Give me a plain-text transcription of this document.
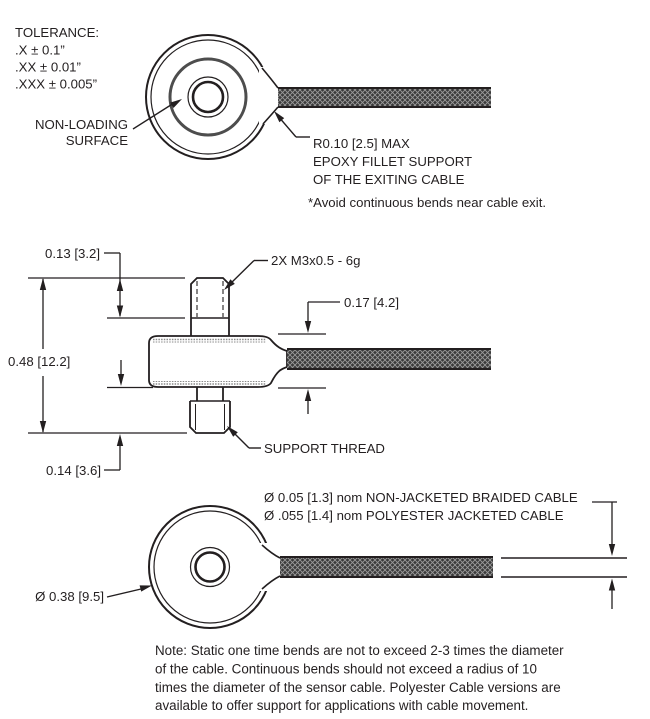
TOLERANCE:
.X ± 0.1”
.XX ± 0.01”
.XXX ± 0.005”
NON-LOADING
SURFACE	R0.10 [2.5] MAX
EPOXY FILLET SUPPORT
OF THE EXITING CABLE
*Avoid continuous bends near cable exit.
0.13 [3.2]
0.48 [12.2]
0.14 [3.6]
0.17 [4.2]
2X M3x0.5 - 6g
SUPPORT THREAD
Ø 0.05 [1.3] nom NON-JACKETED BRAIDED CABLE
Ø .055 [1.4] nom POLYESTER JACKETED CABLE
Ø 0.38 [9.5]
Note: Static one time bends are not to exceed 2-3 times the diameter
of the cable. Continuous bends should not exceed a radius of 10
times the diameter of the sensor cable. Polyester Cable versions are
available to offer support for applications with cable movement.
